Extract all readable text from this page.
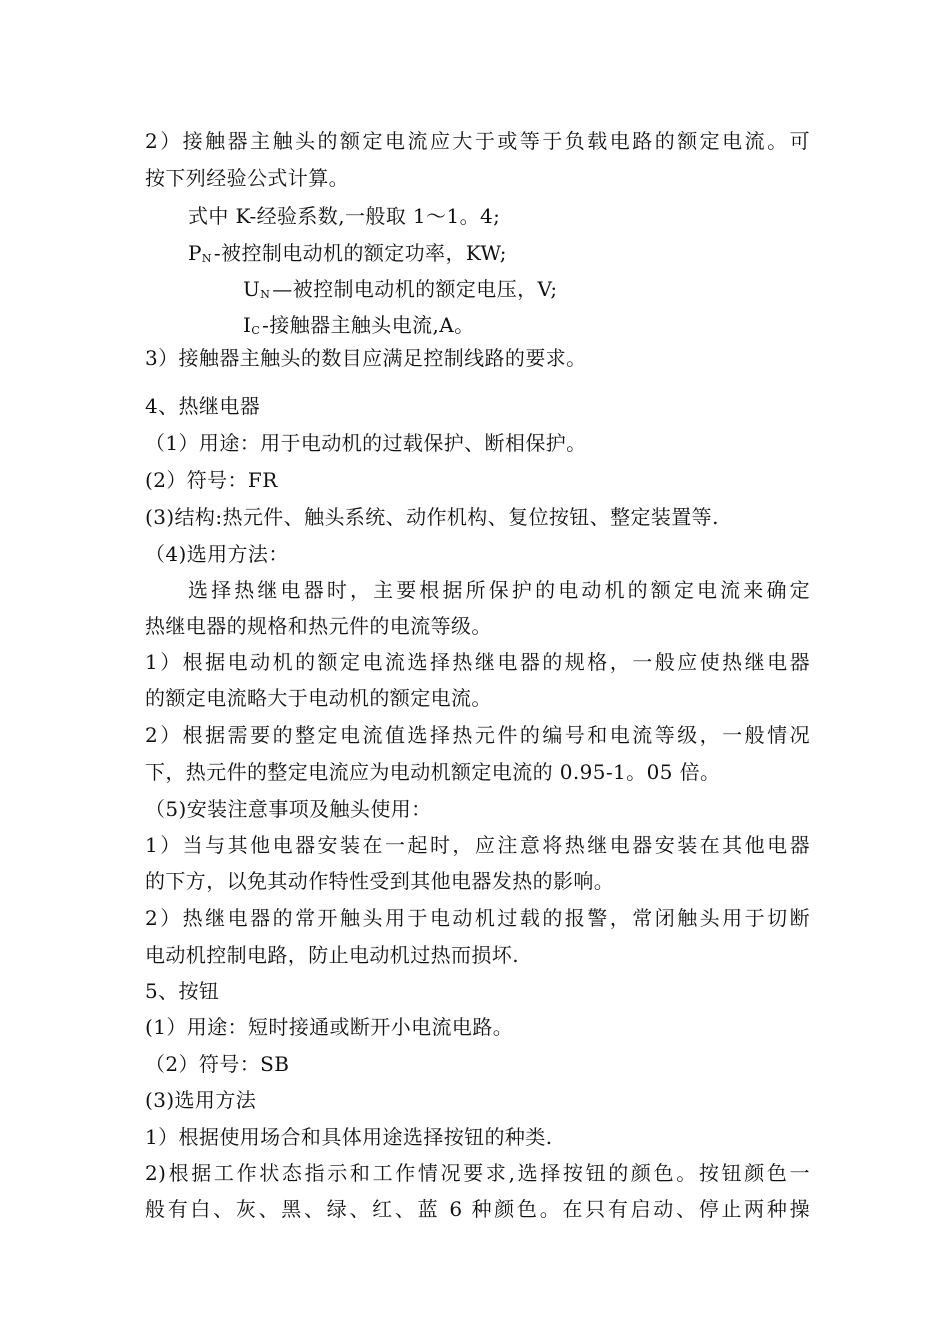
2）接触器主触头的额定电流应大于或等于负载电路的额定电流。可
按下列经验公式计算。
式中 K-经验系数,一般取 1～1。4;
$P_N$ -被控制电动机的额定功率，KW;
$U_N$ —被控制电动机的额定电压，V;
$I_C$ -接触器主触头电流,A。
3）接触器主触头的数目应满足控制线路的要求。
4、热继电器
（1）用途：用于电动机的过载保护、断相保护。
(2）符号：FR
(3)结构:热元件、触头系统、动作机构、复位按钮、整定装置等.
（4)选用方法：
选择热继电器时，主要根据所保护的电动机的额定电流来确定
热继电器的规格和热元件的电流等级。
1）根据电动机的额定电流选择热继电器的规格，一般应使热继电器
的额定电流略大于电动机的额定电流。
2）根据需要的整定电流值选择热元件的编号和电流等级，一般情况
下，热元件的整定电流应为电动机额定电流的 0.95-1。05 倍。
（5)安装注意事项及触头使用：
1）当与其他电器安装在一起时，应注意将热继电器安装在其他电器
的下方，以免其动作特性受到其他电器发热的影响。
2）热继电器的常开触头用于电动机过载的报警，常闭触头用于切断
电动机控制电路，防止电动机过热而损坏.
5、按钮
(1）用途：短时接通或断开小电流电路。
（2）符号：SB
(3)选用方法
1）根据使用场合和具体用途选择按钮的种类.
2)根据工作状态指示和工作情况要求,选择按钮的颜色。按钮颜色一
般有白、灰、黑、绿、红、蓝 6 种颜色。在只有启动、停止两种操
